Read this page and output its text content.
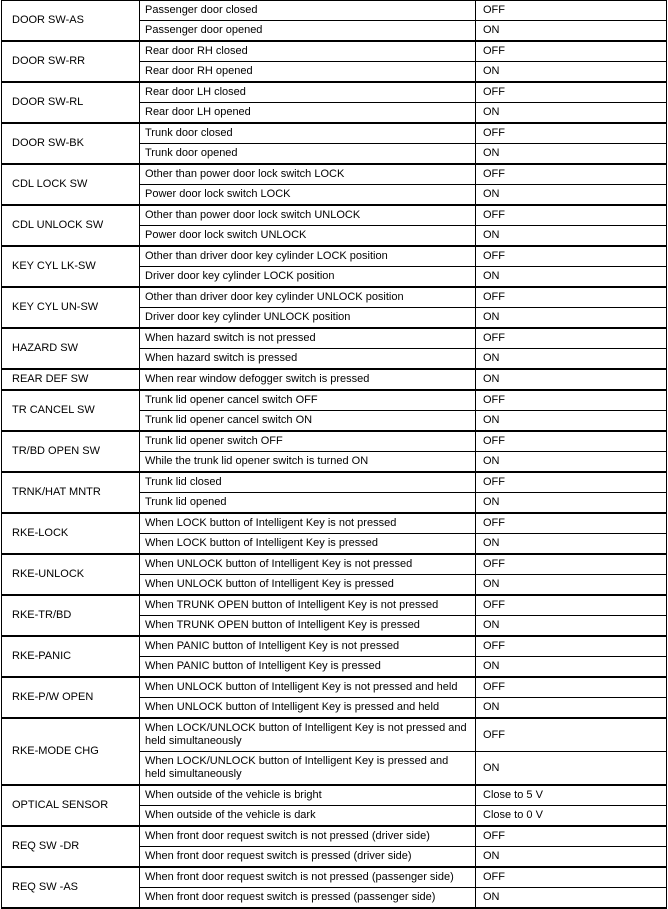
DOOR SW-AS	Passenger door closed	OFF
	Passenger door opened	ON
DOOR SW-RR	Rear door RH closed	OFF
	Rear door RH opened	ON
DOOR SW-RL	Rear door LH closed	OFF
	Rear door LH opened	ON
DOOR SW-BK	Trunk door closed	OFF
	Trunk door opened	ON
CDL LOCK SW	Other than power door lock switch LOCK	OFF
	Power door lock switch LOCK	ON
CDL UNLOCK SW	Other than power door lock switch UNLOCK	OFF
	Power door lock switch UNLOCK	ON
KEY CYL LK-SW	Other than driver door key cylinder LOCK position	OFF
	Driver door key cylinder LOCK position	ON
KEY CYL UN-SW	Other than driver door key cylinder UNLOCK position	OFF
	Driver door key cylinder UNLOCK position	ON
HAZARD SW	When hazard switch is not pressed	OFF
	When hazard switch is pressed	ON
REAR DEF SW	When rear window defogger switch is pressed	ON
TR CANCEL SW	Trunk lid opener cancel switch OFF	OFF
	Trunk lid opener cancel switch ON	ON
TR/BD OPEN SW	Trunk lid opener switch OFF	OFF
	While the trunk lid opener switch is turned ON	ON
TRNK/HAT MNTR	Trunk lid closed	OFF
	Trunk lid opened	ON
RKE-LOCK	When LOCK button of Intelligent Key is not pressed	OFF
	When LOCK button of Intelligent Key is pressed	ON
RKE-UNLOCK	When UNLOCK button of Intelligent Key is not pressed	OFF
	When UNLOCK button of Intelligent Key is pressed	ON
RKE-TR/BD	When TRUNK OPEN button of Intelligent Key is not pressed	OFF
	When TRUNK OPEN button of Intelligent Key is pressed	ON
RKE-PANIC	When PANIC button of Intelligent Key is not pressed	OFF
	When PANIC button of Intelligent Key is pressed	ON
RKE-P/W OPEN	When UNLOCK button of Intelligent Key is not pressed and held	OFF
	When UNLOCK button of Intelligent Key is pressed and held	ON
RKE-MODE CHG	When LOCK/UNLOCK button of Intelligent Key is not pressed and held simultaneously	OFF
	When LOCK/UNLOCK button of Intelligent Key is pressed and held simultaneously	ON
OPTICAL SENSOR	When outside of the vehicle is bright	Close to 5 V
	When outside of the vehicle is dark	Close to 0 V
REQ SW -DR	When front door request switch is not pressed (driver side)	OFF
	When front door request switch is pressed (driver side)	ON
REQ SW -AS	When front door request switch is not pressed (passenger side)	OFF
	When front door request switch is pressed (passenger side)	ON
